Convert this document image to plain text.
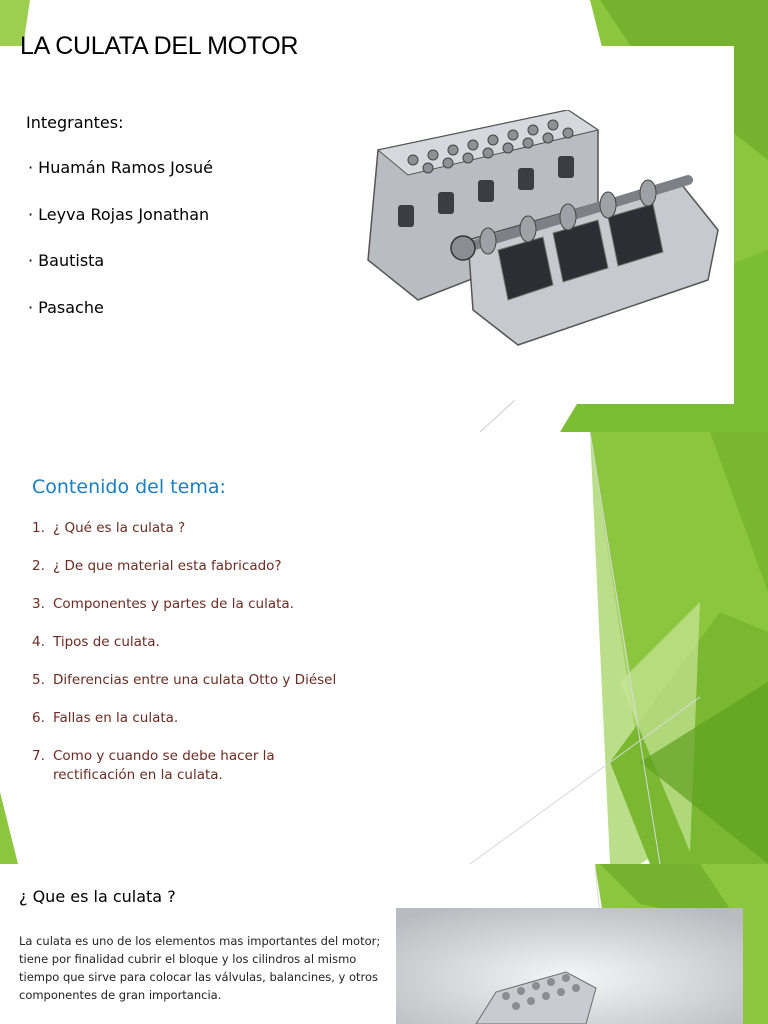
LA CULATA DEL MOTOR
Integrantes:
· Huamán Ramos Josué
· Leyva Rojas Jonathan
· Bautista
· Pasache
Contenido del tema:
1. ¿ Qué es la culata ?
2. ¿ De que material esta fabricado?
3. Componentes y partes de la culata.
4. Tipos de culata.
5. Diferencias entre una culata Otto y Diésel
6. Fallas en la culata.
7. Como y cuando se debe hacer la rectificación en la culata.
¿ Que es la culata ?

La culata es uno de los elementos mas importantes del motor; tiene por finalidad cubrir el bloque y los cilindros al mismo tiempo que sirve para colocar las válvulas, balancines, y otros componentes de gran importancia.
